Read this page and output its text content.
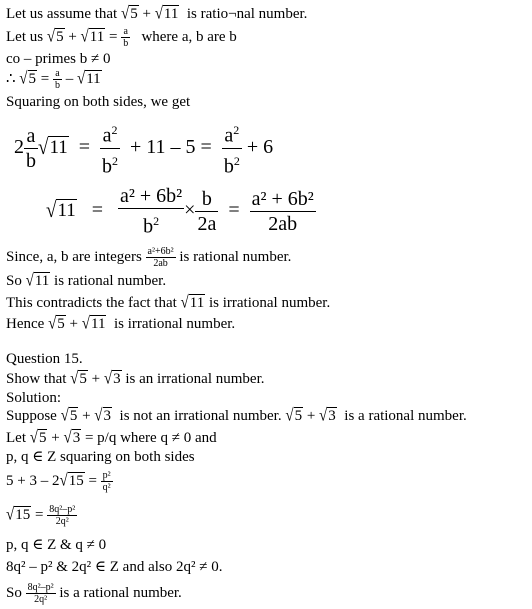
Let us assume that √5 + √11 is ratio¬nal number.
Let us $√5 + √11 = \frac{a}{b}$ where a, b are b
co – primes b ≠ 0
∴ $√5 = \frac{a}{b} - √11$
Squaring on both sides, we get
$2 \frac{a}{b} √11 = \frac{a^2}{b^2} + 11 - 5 = \frac{a^2}{b^2} + 6$
$√11 = \frac{\text{a² + 6b²}}{b^2} \times \frac{b}{2a} = \frac{\text{a² + 6b²}}{2ab}$
Since, a, b are integers $\frac{\text{a²+6b²}}{2ab}$ is rational number.
So √11 is rational number.
This contradicts the fact that √11 is irrational number.
Hence √5 + √11 is irrational number.
Question 15.
Show that √5 + √3 is an irrational number.
Solution:
Suppose √5 + √3 is not an irrational number. √5 + √3 is a rational number.
Let √5 + √3 = p/q where q ≠ 0 and
p, q ∈ Z squaring on both sides
$5 + 3 - 2√15 = \frac{\text{p²}}{\text{q²}}$
$√15 = \frac{\text{8q²–p²}}{\text{2q²}}$
p, q ∈ Z & q ≠ 0
8q² – p² & 2q² ∈ Z and also 2q² ≠ 0.
So $\frac{\text{8q²–p²}}{\text{2q²}}$ is a rational number.
